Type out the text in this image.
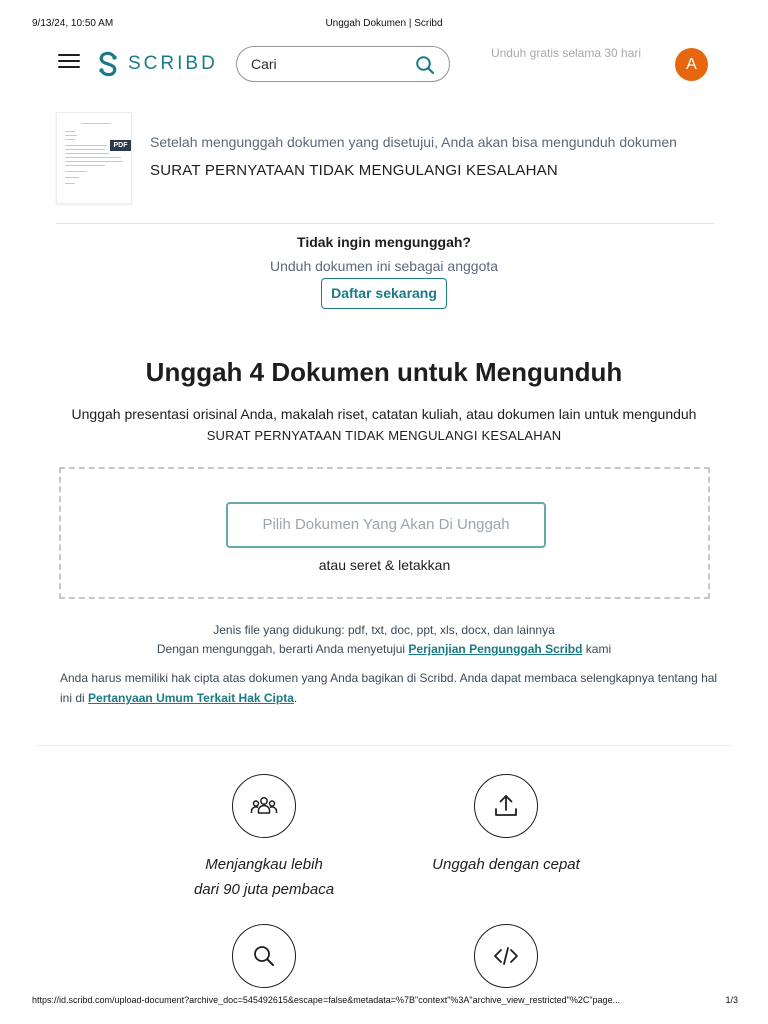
9/13/24, 10:50 AM	Unggah Dokumen | Scribd
SCRIBD
Cari	Unduh gratis selama 30 hari
A
PDF Setelah mengunggah dokumen yang disetujui, Anda akan bisa mengunduh dokumen
SURAT PERNYATAAN TIDAK MENGULANGI KESALAHAN
Tidak ingin mengunggah?
Unduh dokumen ini sebagai anggota
Daftar sekarang
Unggah 4 Dokumen untuk Mengunduh
Unggah presentasi orisinal Anda, makalah riset, catatan kuliah, atau dokumen lain untuk mengunduh
SURAT PERNYATAAN TIDAK MENGULANGI KESALAHAN
Pilih Dokumen Yang Akan Di Unggah
atau seret & letakkan
Jenis file yang didukung: pdf, txt, doc, ppt, xls, docx, dan lainnya
Dengan mengunggah, berarti Anda menyetujui Perjanjian Pengunggah Scribd kami
Anda harus memiliki hak cipta atas dokumen yang Anda bagikan di Scribd. Anda dapat membaca selengkapnya tentang hal ini di Pertanyaan Umum Terkait Hak Cipta.
Menjangkau lebih
dari 90 juta pembaca
Unggah dengan cepat
https://id.scribd.com/upload-document?archive_doc=545492615&escape=false&metadata=%7B"context"%3A"archive_view_restricted"%2C"page...	1/3
